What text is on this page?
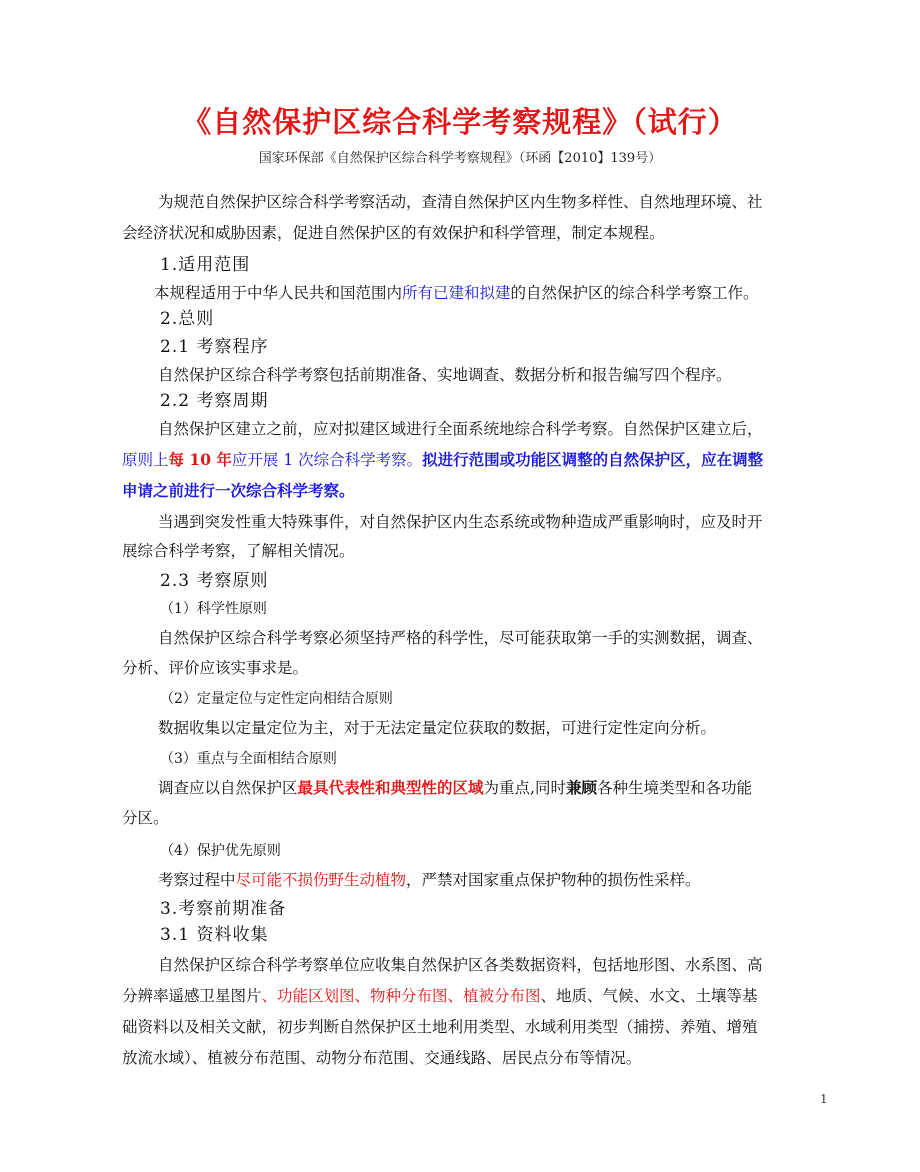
《自然保护区综合科学考察规程》（试行）
国家环保部《自然保护区综合科学考察规程》（环函【2010】139号）
为规范自然保护区综合科学考察活动，查清自然保护区内生物多样性、自然地理环境、社
会经济状况和威胁因素，促进自然保护区的有效保护和科学管理，制定本规程。
1.适用范围
本规程适用于中华人民共和国范围内所有已建和拟建的自然保护区的综合科学考察工作。
2.总则
2.1 考察程序
自然保护区综合科学考察包括前期准备、实地调查、数据分析和报告编写四个程序。
2.2 考察周期
自然保护区建立之前，应对拟建区域进行全面系统地综合科学考察。自然保护区建立后，
原则上每 10 年应开展 1 次综合科学考察。拟进行范围或功能区调整的自然保护区，应在调整
申请之前进行一次综合科学考察。
当遇到突发性重大特殊事件，对自然保护区内生态系统或物种造成严重影响时，应及时开
展综合科学考察，了解相关情况。
2.3 考察原则
（1）科学性原则
自然保护区综合科学考察必须坚持严格的科学性，尽可能获取第一手的实测数据，调查、
分析、评价应该实事求是。
（2）定量定位与定性定向相结合原则
数据收集以定量定位为主，对于无法定量定位获取的数据，可进行定性定向分析。
（3）重点与全面相结合原则
调查应以自然保护区最具代表性和典型性的区域为重点,同时兼顾各种生境类型和各功能
分区。
（4）保护优先原则
考察过程中尽可能不损伤野生动植物，严禁对国家重点保护物种的损伤性采样。
3.考察前期准备
3.1 资料收集
自然保护区综合科学考察单位应收集自然保护区各类数据资料，包括地形图、水系图、高
分辨率遥感卫星图片、功能区划图、物种分布图、植被分布图、地质、气候、水文、土壤等基
础资料以及相关文献，初步判断自然保护区土地利用类型、水域利用类型（捕捞、养殖、增殖
放流水域）、植被分布范围、动物分布范围、交通线路、居民点分布等情况。
1
